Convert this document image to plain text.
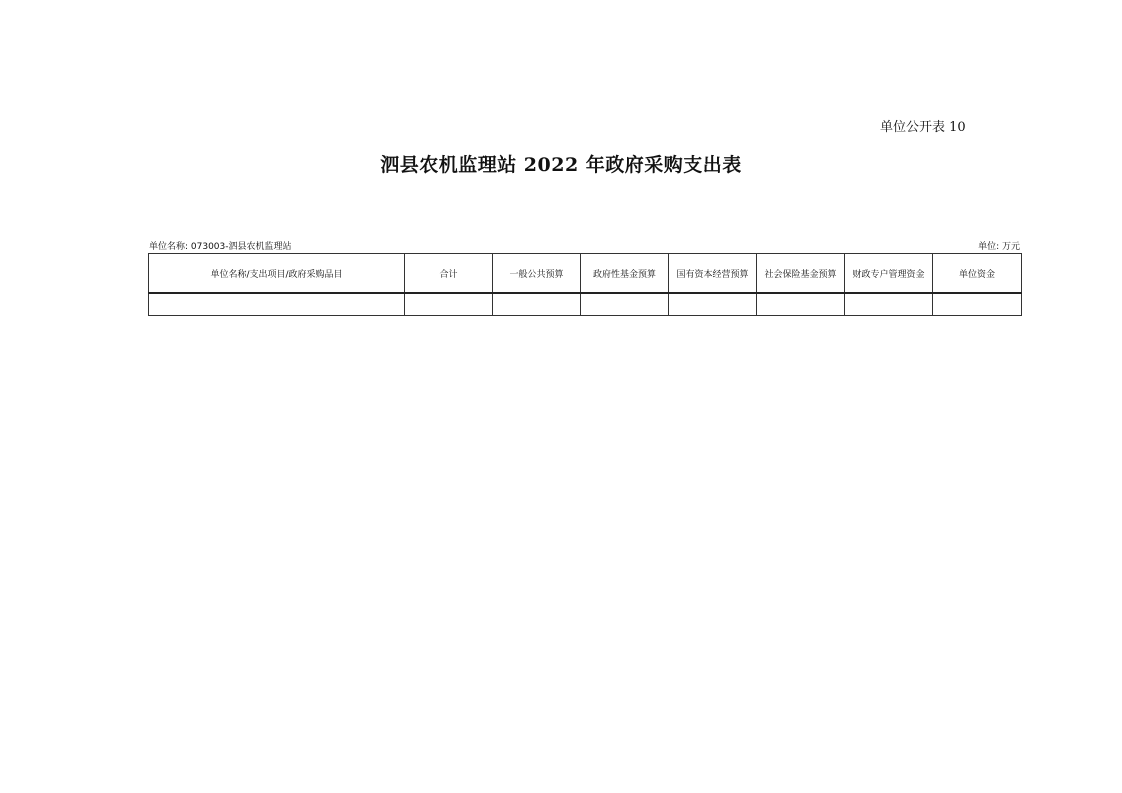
单位公开表 10
泗县农机监理站 2022 年政府采购支出表
单位名称: 073003-泗县农机监理站	单位: 万元
单位名称/支出项目/政府采购品目	合计	一般公共预算	政府性基金预算	国有资本经营预算	社会保险基金预算	财政专户管理资金	单位资金
